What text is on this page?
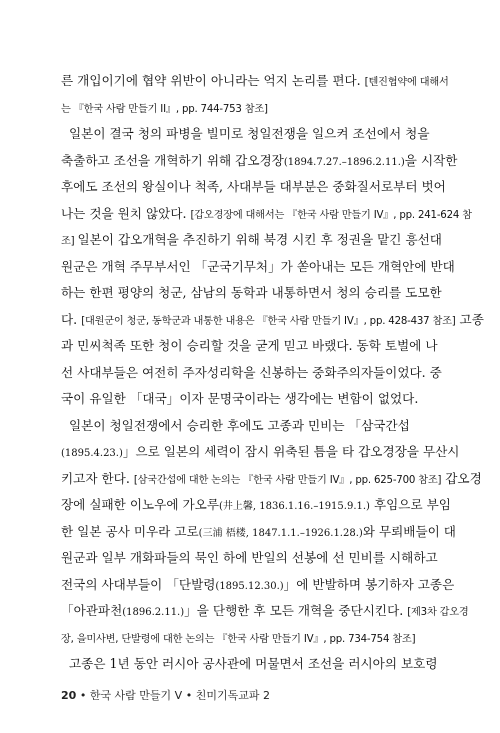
른 개입이기에 협약 위반이 아니라는 억지 논리를 편다. [텐진협약에 대해서
는 『한국 사람 만들기 II』, pp. 744-753 참조]
일본이 결국 청의 파병을 빌미로 청일전쟁을 일으켜 조선에서 청을
축출하고 조선을 개혁하기 위해 갑오경장(1894.7.27.–1896.2.11.)을 시작한
후에도 조선의 왕실이나 척족, 사대부들 대부분은 중화질서로부터 벗어
나는 것을 원치 않았다. [갑오경장에 대해서는 『한국 사람 만들기 IV』, pp. 241-624 참
조] 일본이 갑오개혁을 추진하기 위해 북경 시킨 후 정권을 맡긴 흥선대
원군은 개혁 주무부서인 「군국기무처」가 쏟아내는 모든 개혁안에 반대
하는 한편 평양의 청군, 삼남의 동학과 내통하면서 청의 승리를 도모한
다. [대원군이 청군, 동학군과 내통한 내용은 『한국 사람 만들기 IV』, pp. 428-437 참조] 고종
과 민씨척족 또한 청이 승리할 것을 굳게 믿고 바랬다. 동학 토벌에 나
선 사대부들은 여전히 주자성리학을 신봉하는 중화주의자들이었다. 중
국이 유일한 「대국」이자 문명국이라는 생각에는 변함이 없었다.
일본이 청일전쟁에서 승리한 후에도 고종과 민비는 「삼국간섭
(1895.4.23.)」으로 일본의 세력이 잠시 위축된 틈을 타 갑오경장을 무산시
키고자 한다. [삼국간섭에 대한 논의는 『한국 사람 만들기 IV』, pp. 625-700 참조] 갑오경
장에 실패한 이노우에 가오루(井上馨, 1836.1.16.–1915.9.1.) 후임으로 부임
한 일본 공사 미우라 고로(三浦 梧楼, 1847.1.1.–1926.1.28.)와 무뢰배들이 대
원군과 일부 개화파들의 묵인 하에 반일의 선봉에 선 민비를 시해하고
전국의 사대부들이 「단발령(1895.12.30.)」에 반발하며 봉기하자 고종은
「아관파천(1896.2.11.)」을 단행한 후 모든 개혁을 중단시킨다. [제3차 갑오경
장, 을미사변, 단발령에 대한 논의는 『한국 사람 만들기 IV』, pp. 734-754 참조]
고종은 1년 동안 러시아 공사관에 머물면서 조선을 러시아의 보호령
20 • 한국 사람 만들기 V • 친미기독교파 2
